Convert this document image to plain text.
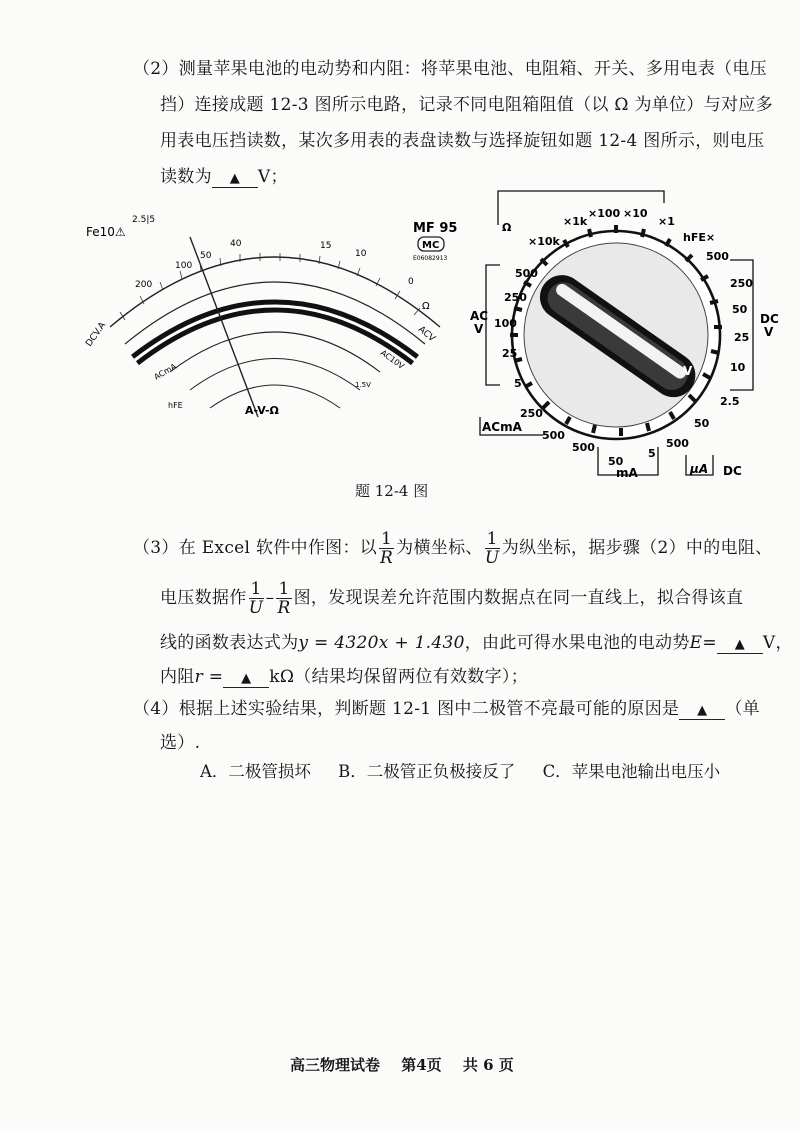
（2）测量苹果电池的电动势和内阻：将苹果电池、电阻箱、开关、多用电表（电压
挡）连接成题 12-3 图所示电路，记录不同电阻箱阻值（以 Ω 为单位）与对应多
用表电压挡读数，某次多用表的表盘读数与选择旋钮如题 12-4 图所示，则电压
读数为 ▲ V；
Fe10⚠
2.5|5
DCV.A
40	15
10
0
100
200
50
Ω
ACV
AC10V
ACmA
hFE
1.5V
A-V-Ω
MF 95
MC
E06082913
V
Ω
×10k
×1k
×100 ×10
×1
hFE×
AC
V
500
250
100
25
5
DC
V
500
250
50
25
10
2.5
250
ACmA
500
500
50
5
mA
500
50
μA DC
题 12-4 图
（3）在 Excel 软件中作图：以 $\frac{1}{R}$ 为横坐标、 $\frac{1}{U}$ 为纵坐标，据步骤（2）中的电阻、
电压数据作 $\frac{1}{U} - \frac{1}{R}$ 图，发现误差允许范围内数据点在同一直线上，拟合得该直
线的函数表达式为y = 4320x + 1.430，由此可得水果电池的电动势E= ▲ V，
内阻r = ▲ kΩ（结果均保留两位有效数字）；
（4）根据上述实验结果，判断题 12-1 图中二极管不亮最可能的原因是 ▲ （单
选）.
A．二极管损坏 B．二极管正负极接反了 C．苹果电池输出电压小
高三物理试卷 第4页 共 6 页
